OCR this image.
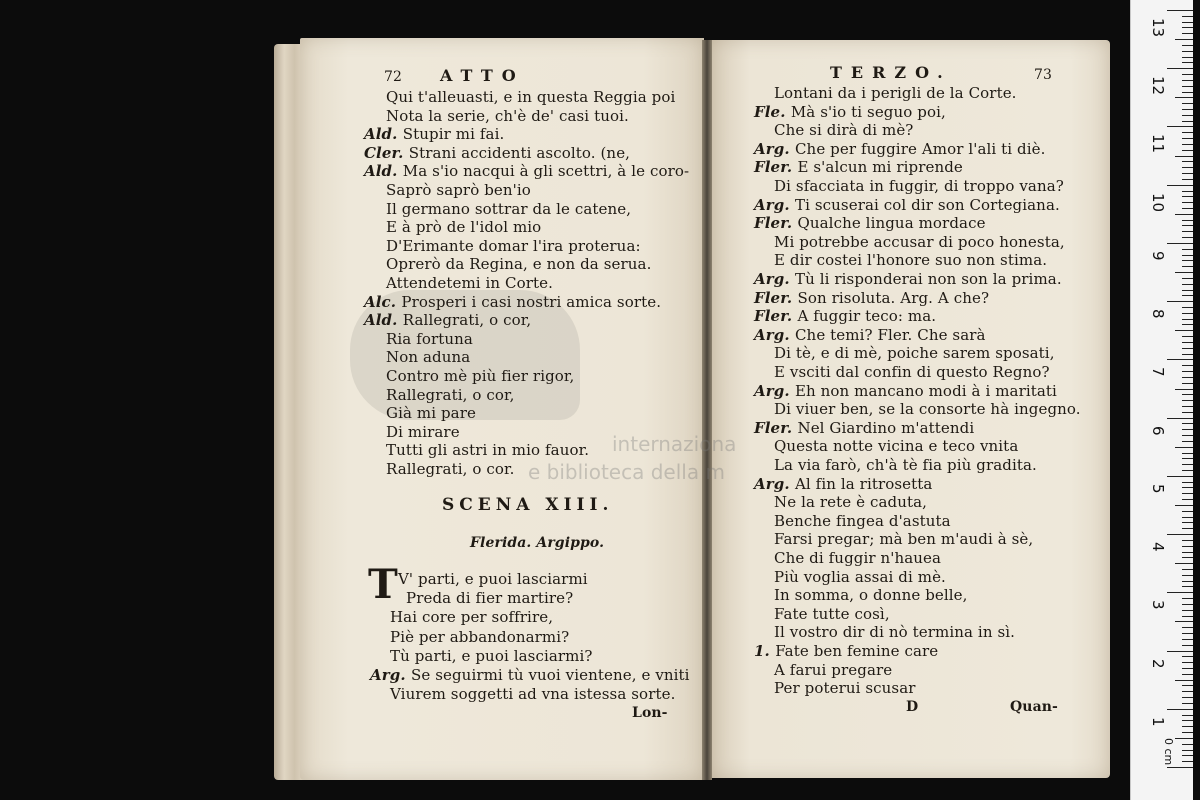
internaziona
e biblioteca della m
72 ATTO
Qui t'alleuasti, e in questa Reggia poi
Nota la serie, ch'è de' casi tuoi.
Ald. Stupir mi fai.
Cler. Strani accidenti ascolto. (ne,
Ald. Ma s'io nacqui à gli scettri, à le coro-
Saprò saprò ben'io
Il germano sottrar da le catene,
E à prò de l'idol mio
D'Erimante domar l'ira proterua:
Oprerò da Regina, e non da serua.
Attendetemi in Corte.
Alc. Prosperi i casi nostri amica sorte.
Ald. Rallegrati, o cor,
Ria fortuna
Non aduna
Contro mè più fier rigor,
Rallegrati, o cor,
Già mi pare
Di mirare
Tutti gli astri in mio fauor.
Rallegrati, o cor.
SCENA XIII.
Flerida. Argippo.
T V' parti, e puoi lasciarmi
Preda di fier martire?
Hai core per soffrire,
Piè per abbandonarmi?
Tù parti, e puoi lasciarmi?
Arg. Se seguirmi tù vuoi vientene, e vniti
Viurem soggetti ad vna istessa sorte.
Lon-
TERZO.	73
Lontani da i perigli de la Corte.
Fle. Mà s'io ti seguo poi,
Che si dirà di mè?
Arg. Che per fuggire Amor l'ali ti diè.
Fler. E s'alcun mi riprende
Di sfacciata in fuggir, di troppo vana?
Arg. Ti scuserai col dir son Cortegiana.
Fler. Qualche lingua mordace
Mi potrebbe accusar di poco honesta,
E dir costei l'honore suo non stima.
Arg. Tù li risponderai non son la prima.
Fler. Son risoluta. Arg. A che?
Fler. A fuggir teco: ma.
Arg. Che temi? Fler. Che sarà
Di tè, e di mè, poiche sarem sposati,
E vsciti dal confin di questo Regno?
Arg. Eh non mancano modi à i maritati
Di viuer ben, se la consorte hà ingegno.
Fler. Nel Giardino m'attendi
Questa notte vicina e teco vnita
La via farò, ch'à tè fia più gradita.
Arg. Al fin la ritrosetta
Ne la rete è caduta,
Benche fingea d'astuta
Farsi pregar; mà ben m'audi à sè,
Che di fuggir n'hauea
Più voglia assai di mè.
In somma, o donne belle,
Fate tutte così,
Il vostro dir di nò termina in sì.
1. Fate ben femine care
A farui pregare
Per poterui scusar
D	Quan-
0 cm
13
12
11
10
9
8
7
6
5
4
3
2
1
